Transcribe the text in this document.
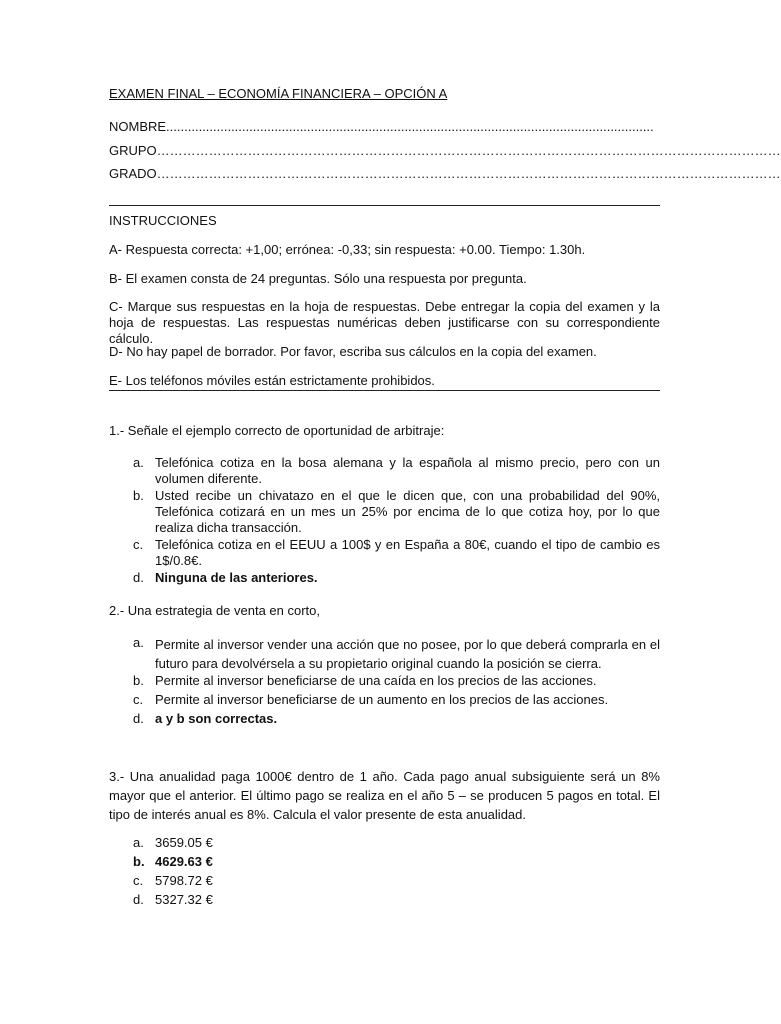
EXAMEN FINAL – ECONOMÍA FINANCIERA – OPCIÓN A
NOMBRE.......................................................................................................................................
GRUPO………………………………………………………………………………………………………………………………
GRADO………………………………………………………………………………………………………………………………
INSTRUCCIONES
A- Respuesta correcta: +1,00; errónea: -0,33; sin respuesta: +0.00. Tiempo: 1.30h.
B- El examen consta de 24 preguntas. Sólo una respuesta por pregunta.
C- Marque sus respuestas en la hoja de respuestas. Debe entregar la copia del examen y la hoja de respuestas. Las respuestas numéricas deben justificarse con su correspondiente cálculo.
D- No hay papel de borrador. Por favor, escriba sus cálculos en la copia del examen.
E- Los teléfonos móviles están estrictamente prohibidos.
1.- Señale el ejemplo correcto de oportunidad de arbitraje:
a. Telefónica cotiza en la bosa alemana y la española al mismo precio, pero con un volumen diferente.
b. Usted recibe un chivatazo en el que le dicen que, con una probabilidad del 90%, Telefónica cotizará en un mes un 25% por encima de lo que cotiza hoy, por lo que realiza dicha transacción.
c. Telefónica cotiza en el EEUU a 100$ y en España a 80€, cuando el tipo de cambio es 1$/0.8€.
d. Ninguna de las anteriores.
2.- Una estrategia de venta en corto,
a. Permite al inversor vender una acción que no posee, por lo que deberá comprarla en el futuro para devolvérsela a su propietario original cuando la posición se cierra.
b. Permite al inversor beneficiarse de una caída en los precios de las acciones.
c. Permite al inversor beneficiarse de un aumento en los precios de las acciones.
d. a y b son correctas.
3.- Una anualidad paga 1000€ dentro de 1 año. Cada pago anual subsiguiente será un 8% mayor que el anterior. El último pago se realiza en el año 5 – se producen 5 pagos en total. El tipo de interés anual es 8%. Calcula el valor presente de esta anualidad.
a. 3659.05 €
b. 4629.63 €
c. 5798.72 €
d. 5327.32 €
